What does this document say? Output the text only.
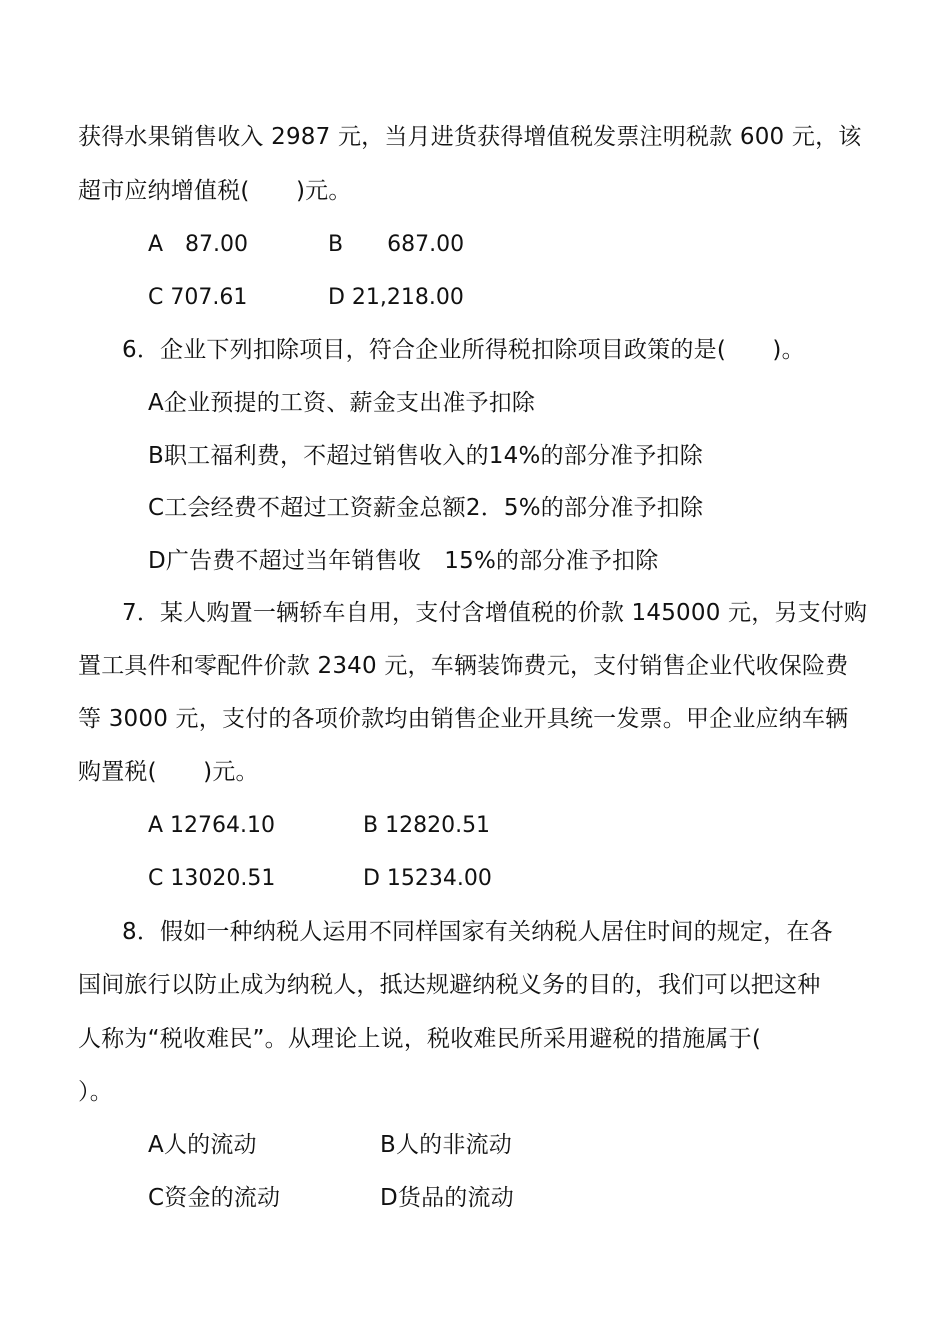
获得水果销售收入 2987 元，当月进货获得增值税发票注明税款 600 元，该
超市应纳增值税(　　)元。
A　87.00	B　　687.00
C 707.61	D 21,218.00
6．企业下列扣除项目，符合企业所得税扣除项目政策的是(　　)。
A企业预提的工资、薪金支出准予扣除
B职工福利费，不超过销售收入的14%的部分准予扣除
C工会经费不超过工资薪金总额2．5%的部分准予扣除
D广告费不超过当年销售收　15%的部分准予扣除
7．某人购置一辆轿车自用，支付含增值税的价款 145000 元，另支付购
置工具件和零配件价款 2340 元，车辆装饰费元，支付销售企业代收保险费
等 3000 元，支付的各项价款均由销售企业开具统一发票。甲企业应纳车辆
购置税(　　)元。
A 12764.10	B 12820.51
C 13020.51	D 15234.00
8．假如一种纳税人运用不同样国家有关纳税人居住时间的规定，在各
国间旅行以防止成为纳税人，抵达规避纳税义务的目的，我们可以把这种
人称为“税收难民”。从理论上说，税收难民所采用避税的措施属于(
）。
A人的流动	B人的非流动
C资金的流动	D货品的流动
